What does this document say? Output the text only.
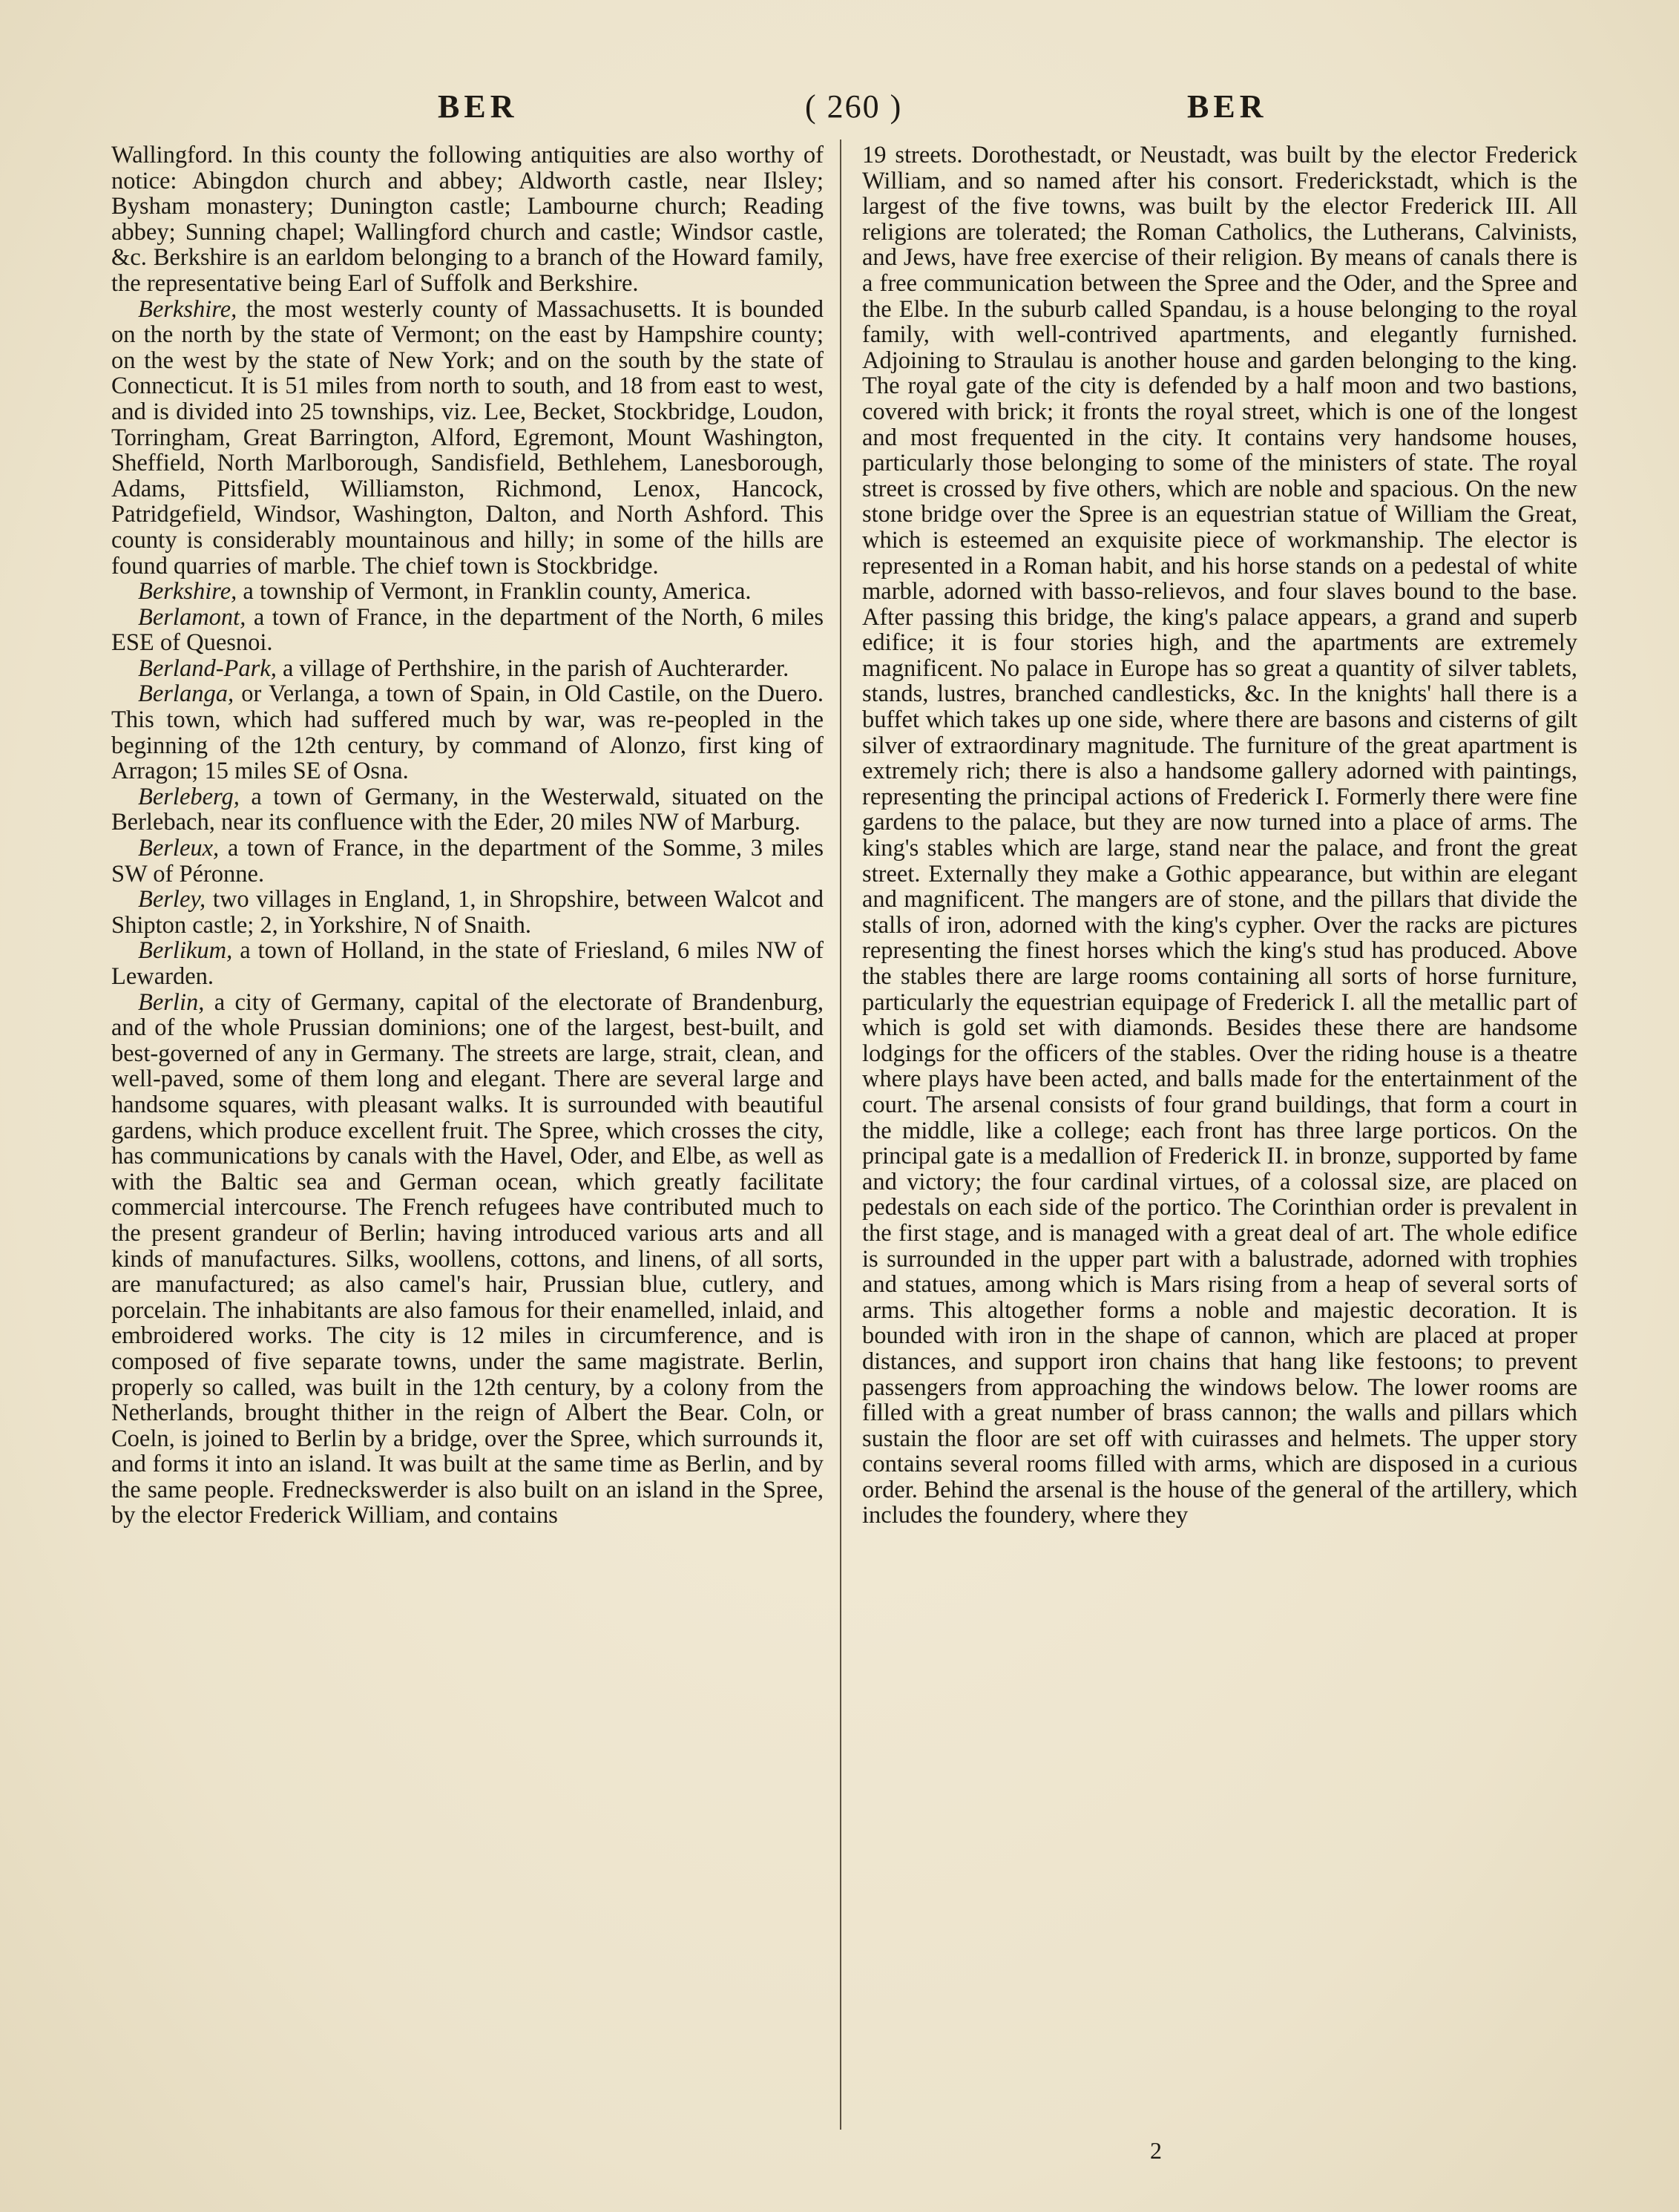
BER	( 260 )	BER

Wallingford. In this county the following antiquities are also worthy of notice: Abingdon church and abbey; Aldworth castle, near Ilsley; Bysham monastery; Dunington castle; Lambourne church; Reading abbey; Sunning chapel; Wallingford church and castle; Windsor castle, &c. Berkshire is an earldom belonging to a branch of the Howard family, the representative being Earl of Suffolk and Berkshire.

Berkshire, the most westerly county of Massachusetts. It is bounded on the north by the state of Vermont; on the east by Hampshire county; on the west by the state of New York; and on the south by the state of Connecticut. It is 51 miles from north to south, and 18 from east to west, and is divided into 25 townships, viz. Lee, Becket, Stockbridge, Loudon, Torringham, Great Barrington, Alford, Egremont, Mount Washington, Sheffield, North Marlborough, Sandisfield, Bethlehem, Lanesborough, Adams, Pittsfield, Williamston, Richmond, Lenox, Hancock, Patridgefield, Windsor, Washington, Dalton, and North Ashford. This county is considerably mountainous and hilly; in some of the hills are found quarries of marble. The chief town is Stockbridge.

Berkshire, a township of Vermont, in Franklin county, America.

Berlamont, a town of France, in the department of the North, 6 miles ESE of Quesnoi.

Berland-Park, a village of Perthshire, in the parish of Auchterarder.

Berlanga, or Verlanga, a town of Spain, in Old Castile, on the Duero. This town, which had suffered much by war, was re-peopled in the beginning of the 12th century, by command of Alonzo, first king of Arragon; 15 miles SE of Osna.

Berleberg, a town of Germany, in the Westerwald, situated on the Berlebach, near its confluence with the Eder, 20 miles NW of Marburg.

Berleux, a town of France, in the department of the Somme, 3 miles SW of Péronne.

Berley, two villages in England, 1, in Shropshire, between Walcot and Shipton castle; 2, in Yorkshire, N of Snaith.

Berlikum, a town of Holland, in the state of Friesland, 6 miles NW of Lewarden.

Berlin, a city of Germany, capital of the electorate of Brandenburg, and of the whole Prussian dominions; one of the largest, best-built, and best-governed of any in Germany. The streets are large, strait, clean, and well-paved, some of them long and elegant. There are several large and handsome squares, with pleasant walks. It is surrounded with beautiful gardens, which produce excellent fruit. The Spree, which crosses the city, has communications by canals with the Havel, Oder, and Elbe, as well as with the Baltic sea and German ocean, which greatly facilitate commercial intercourse. The French refugees have contributed much to the present grandeur of Berlin; having introduced various arts and all kinds of manufactures. Silks, woollens, cottons, and linens, of all sorts, are manufactured; as also camel's hair, Prussian blue, cutlery, and porcelain. The inhabitants are also famous for their enamelled, inlaid, and embroidered works. The city is 12 miles in circumference, and is composed of five separate towns, under the same magistrate. Berlin, properly so called, was built in the 12th century, by a colony from the Netherlands, brought thither in the reign of Albert the Bear. Coln, or Coeln, is joined to Berlin by a bridge, over the Spree, which surrounds it, and forms it into an island. It was built at the same time as Berlin, and by the same people. Fredneckswerder is also built on an island in the Spree, by the elector Frederick William, and contains

19 streets. Dorothestadt, or Neustadt, was built by the elector Frederick William, and so named after his consort. Frederickstadt, which is the largest of the five towns, was built by the elector Frederick III. All religions are tolerated; the Roman Catholics, the Lutherans, Calvinists, and Jews, have free exercise of their religion. By means of canals there is a free communication between the Spree and the Oder, and the Spree and the Elbe. In the suburb called Spandau, is a house belonging to the royal family, with well-contrived apartments, and elegantly furnished. Adjoining to Straulau is another house and garden belonging to the king. The royal gate of the city is defended by a half moon and two bastions, covered with brick; it fronts the royal street, which is one of the longest and most frequented in the city. It contains very handsome houses, particularly those belonging to some of the ministers of state. The royal street is crossed by five others, which are noble and spacious. On the new stone bridge over the Spree is an equestrian statue of William the Great, which is esteemed an exquisite piece of workmanship. The elector is represented in a Roman habit, and his horse stands on a pedestal of white marble, adorned with basso-relievos, and four slaves bound to the base. After passing this bridge, the king's palace appears, a grand and superb edifice; it is four stories high, and the apartments are extremely magnificent. No palace in Europe has so great a quantity of silver tablets, stands, lustres, branched candlesticks, &c. In the knights' hall there is a buffet which takes up one side, where there are basons and cisterns of gilt silver of extraordinary magnitude. The furniture of the great apartment is extremely rich; there is also a handsome gallery adorned with paintings, representing the principal actions of Frederick I. Formerly there were fine gardens to the palace, but they are now turned into a place of arms. The king's stables which are large, stand near the palace, and front the great street. Externally they make a Gothic appearance, but within are elegant and magnificent. The mangers are of stone, and the pillars that divide the stalls of iron, adorned with the king's cypher. Over the racks are pictures representing the finest horses which the king's stud has produced. Above the stables there are large rooms containing all sorts of horse furniture, particularly the equestrian equipage of Frederick I. all the metallic part of which is gold set with diamonds. Besides these there are handsome lodgings for the officers of the stables. Over the riding house is a theatre where plays have been acted, and balls made for the entertainment of the court. The arsenal consists of four grand buildings, that form a court in the middle, like a college; each front has three large porticos. On the principal gate is a medallion of Frederick II. in bronze, supported by fame and victory; the four cardinal virtues, of a colossal size, are placed on pedestals on each side of the portico. The Corinthian order is prevalent in the first stage, and is managed with a great deal of art. The whole edifice is surrounded in the upper part with a balustrade, adorned with trophies and statues, among which is Mars rising from a heap of several sorts of arms. This altogether forms a noble and majestic decoration. It is bounded with iron in the shape of cannon, which are placed at proper distances, and support iron chains that hang like festoons; to prevent passengers from approaching the windows below. The lower rooms are filled with a great number of brass cannon; the walls and pillars which sustain the floor are set off with cuirasses and helmets. The upper story contains several rooms filled with arms, which are disposed in a curious order. Behind the arsenal is the house of the general of the artillery, which includes the foundery, where they

2
